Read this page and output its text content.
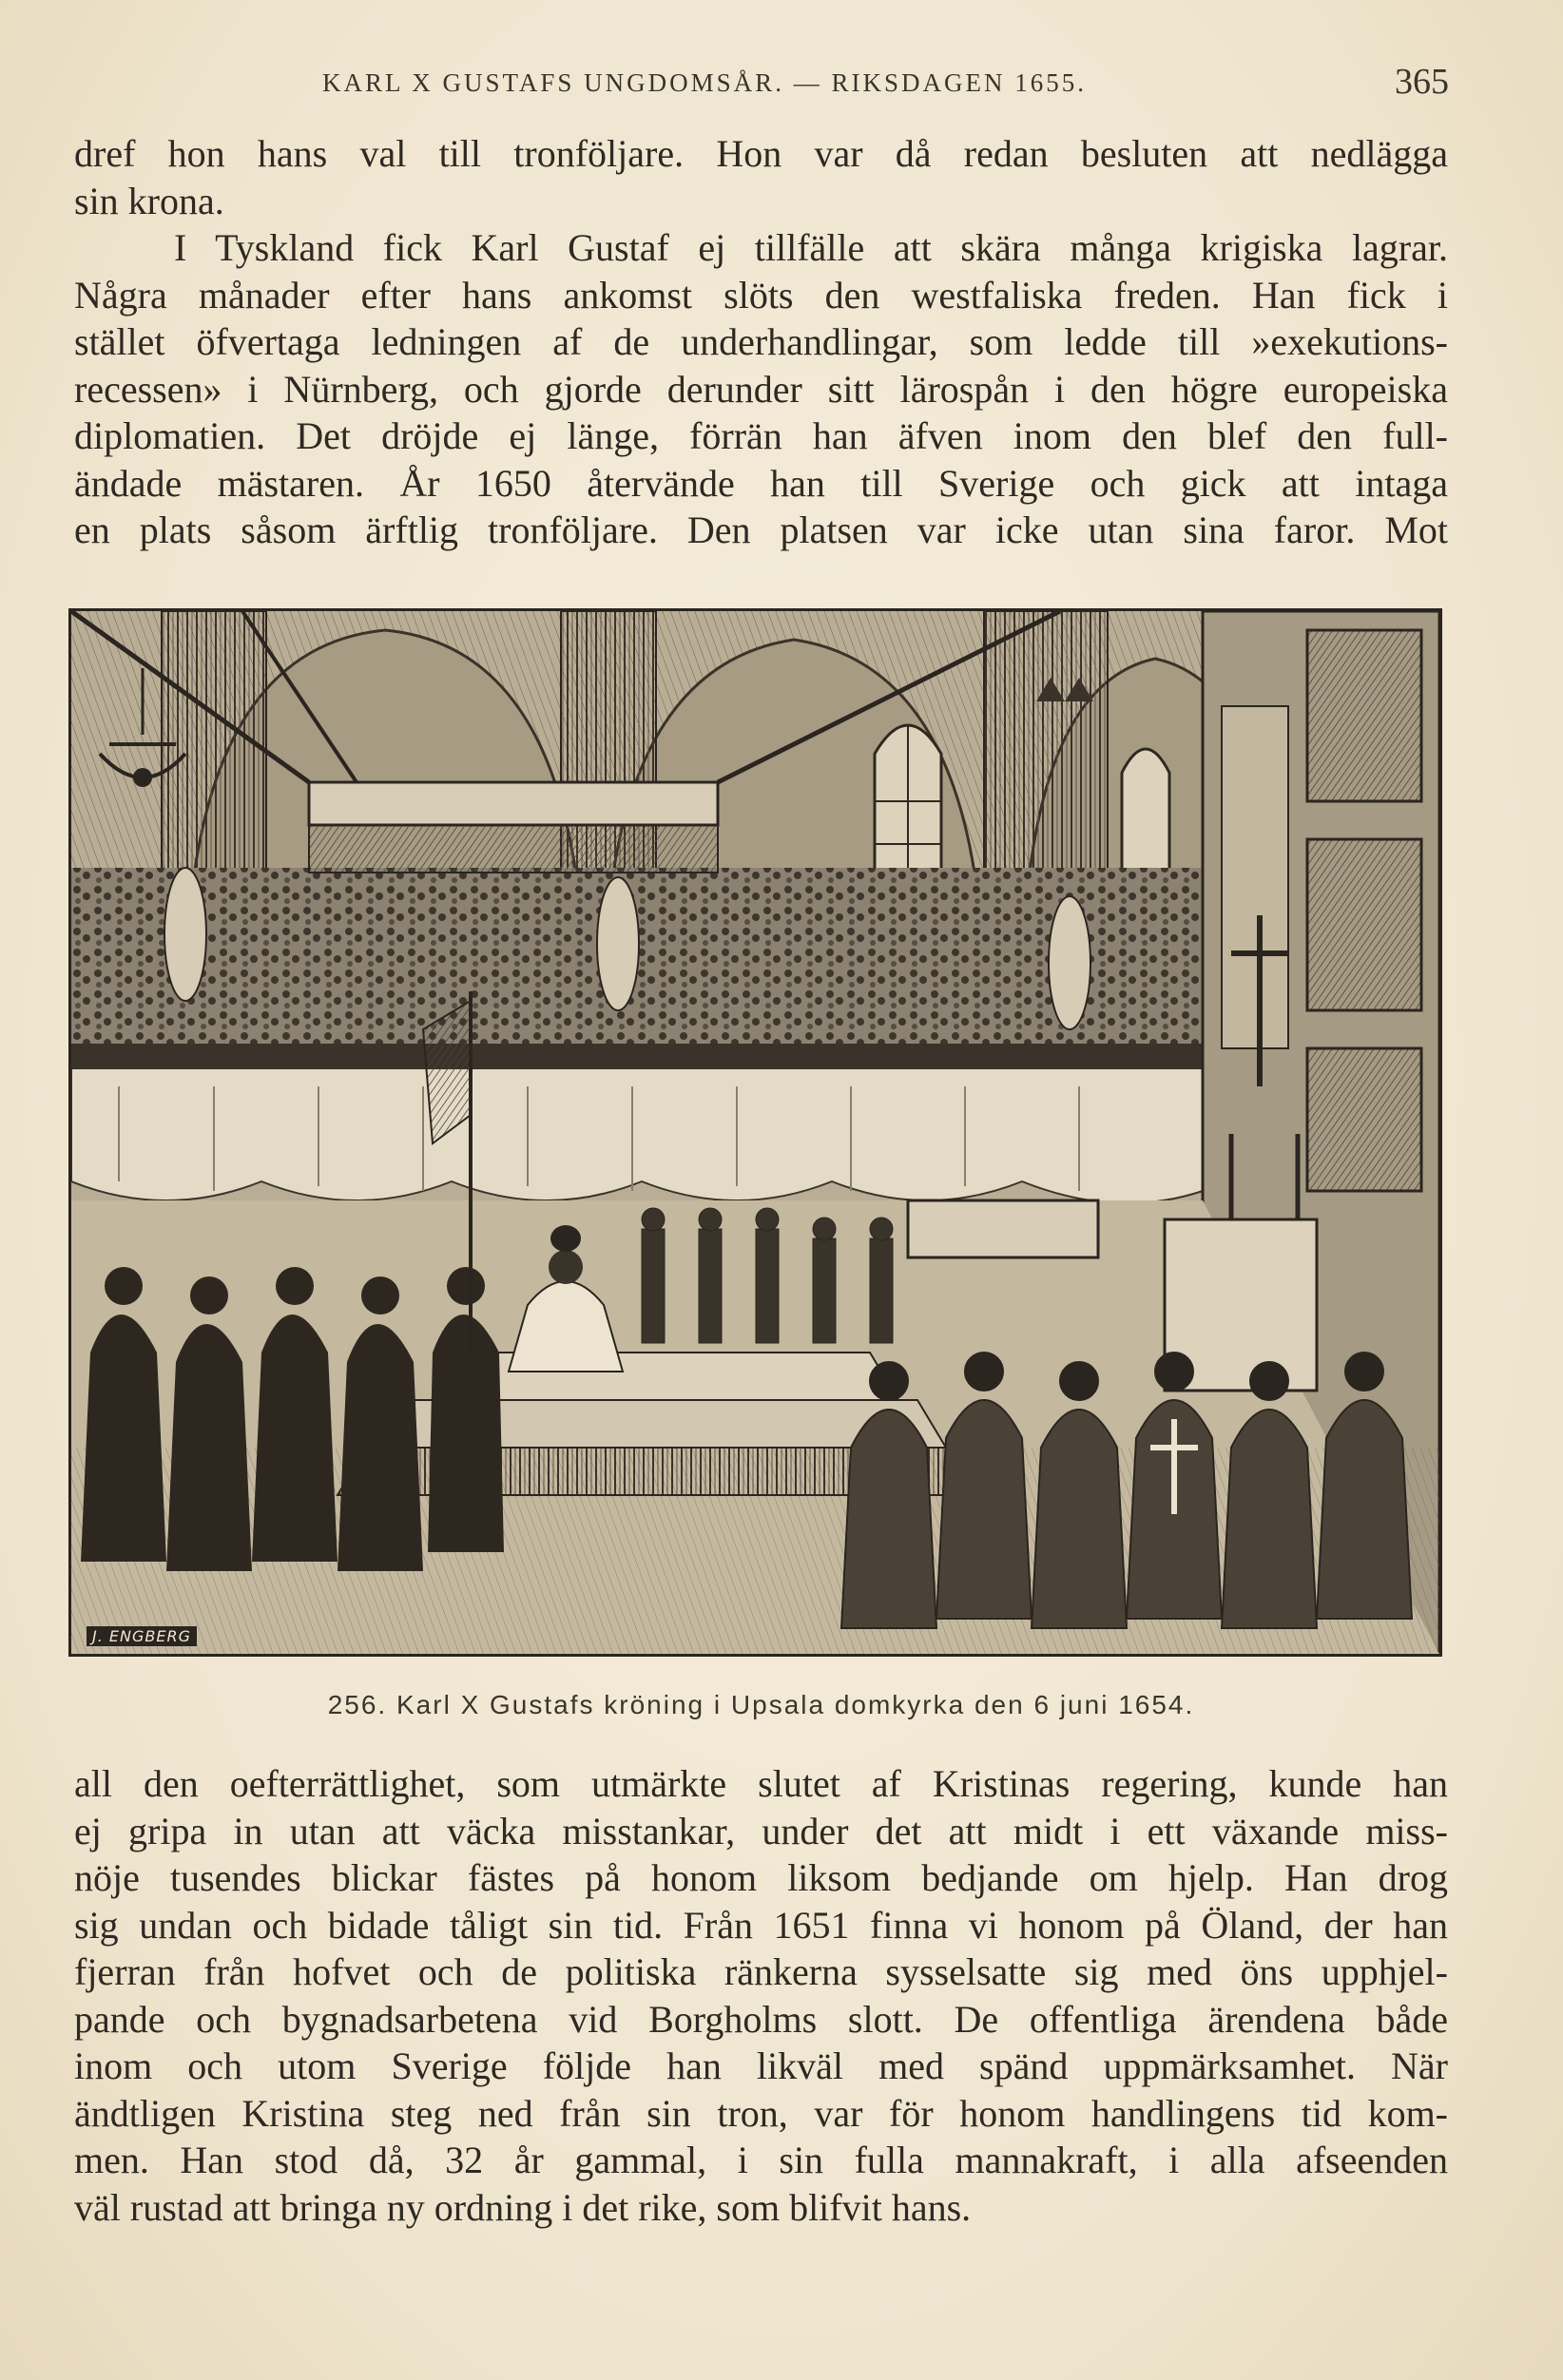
KARL X GUSTAFS UNGDOMSÅR. — RIKSDAGEN 1655.	365
dref hon hans val till tronföljare. Hon var då redan besluten att nedlägga
sin krona.
I Tyskland fick Karl Gustaf ej tillfälle att skära många krigiska lagrar.
Några månader efter hans ankomst slöts den westfaliska freden. Han fick i
stället öfvertaga ledningen af de underhandlingar, som ledde till »exekutions-
recessen» i Nürnberg, och gjorde derunder sitt lärospån i den högre europeiska
diplomatien. Det dröjde ej länge, förrän han äfven inom den blef den full-
ändade mästaren. År 1650 återvände han till Sverige och gick att intaga
en plats såsom ärftlig tronföljare. Den platsen var icke utan sina faror. Mot
J. ENGBERG
256. Karl X Gustafs kröning i Upsala domkyrka den 6 juni 1654.
all den oefterrättlighet, som utmärkte slutet af Kristinas regering, kunde han
ej gripa in utan att väcka misstankar, under det att midt i ett växande miss-
nöje tusendes blickar fästes på honom liksom bedjande om hjelp. Han drog
sig undan och bidade tåligt sin tid. Från 1651 finna vi honom på Öland, der han
fjerran från hofvet och de politiska ränkerna sysselsatte sig med öns upphjel-
pande och bygnadsarbetena vid Borgholms slott. De offentliga ärendena både
inom och utom Sverige följde han likväl med spänd uppmärksamhet. När
ändtligen Kristina steg ned från sin tron, var för honom handlingens tid kom-
men. Han stod då, 32 år gammal, i sin fulla mannakraft, i alla afseenden
väl rustad att bringa ny ordning i det rike, som blifvit hans.
